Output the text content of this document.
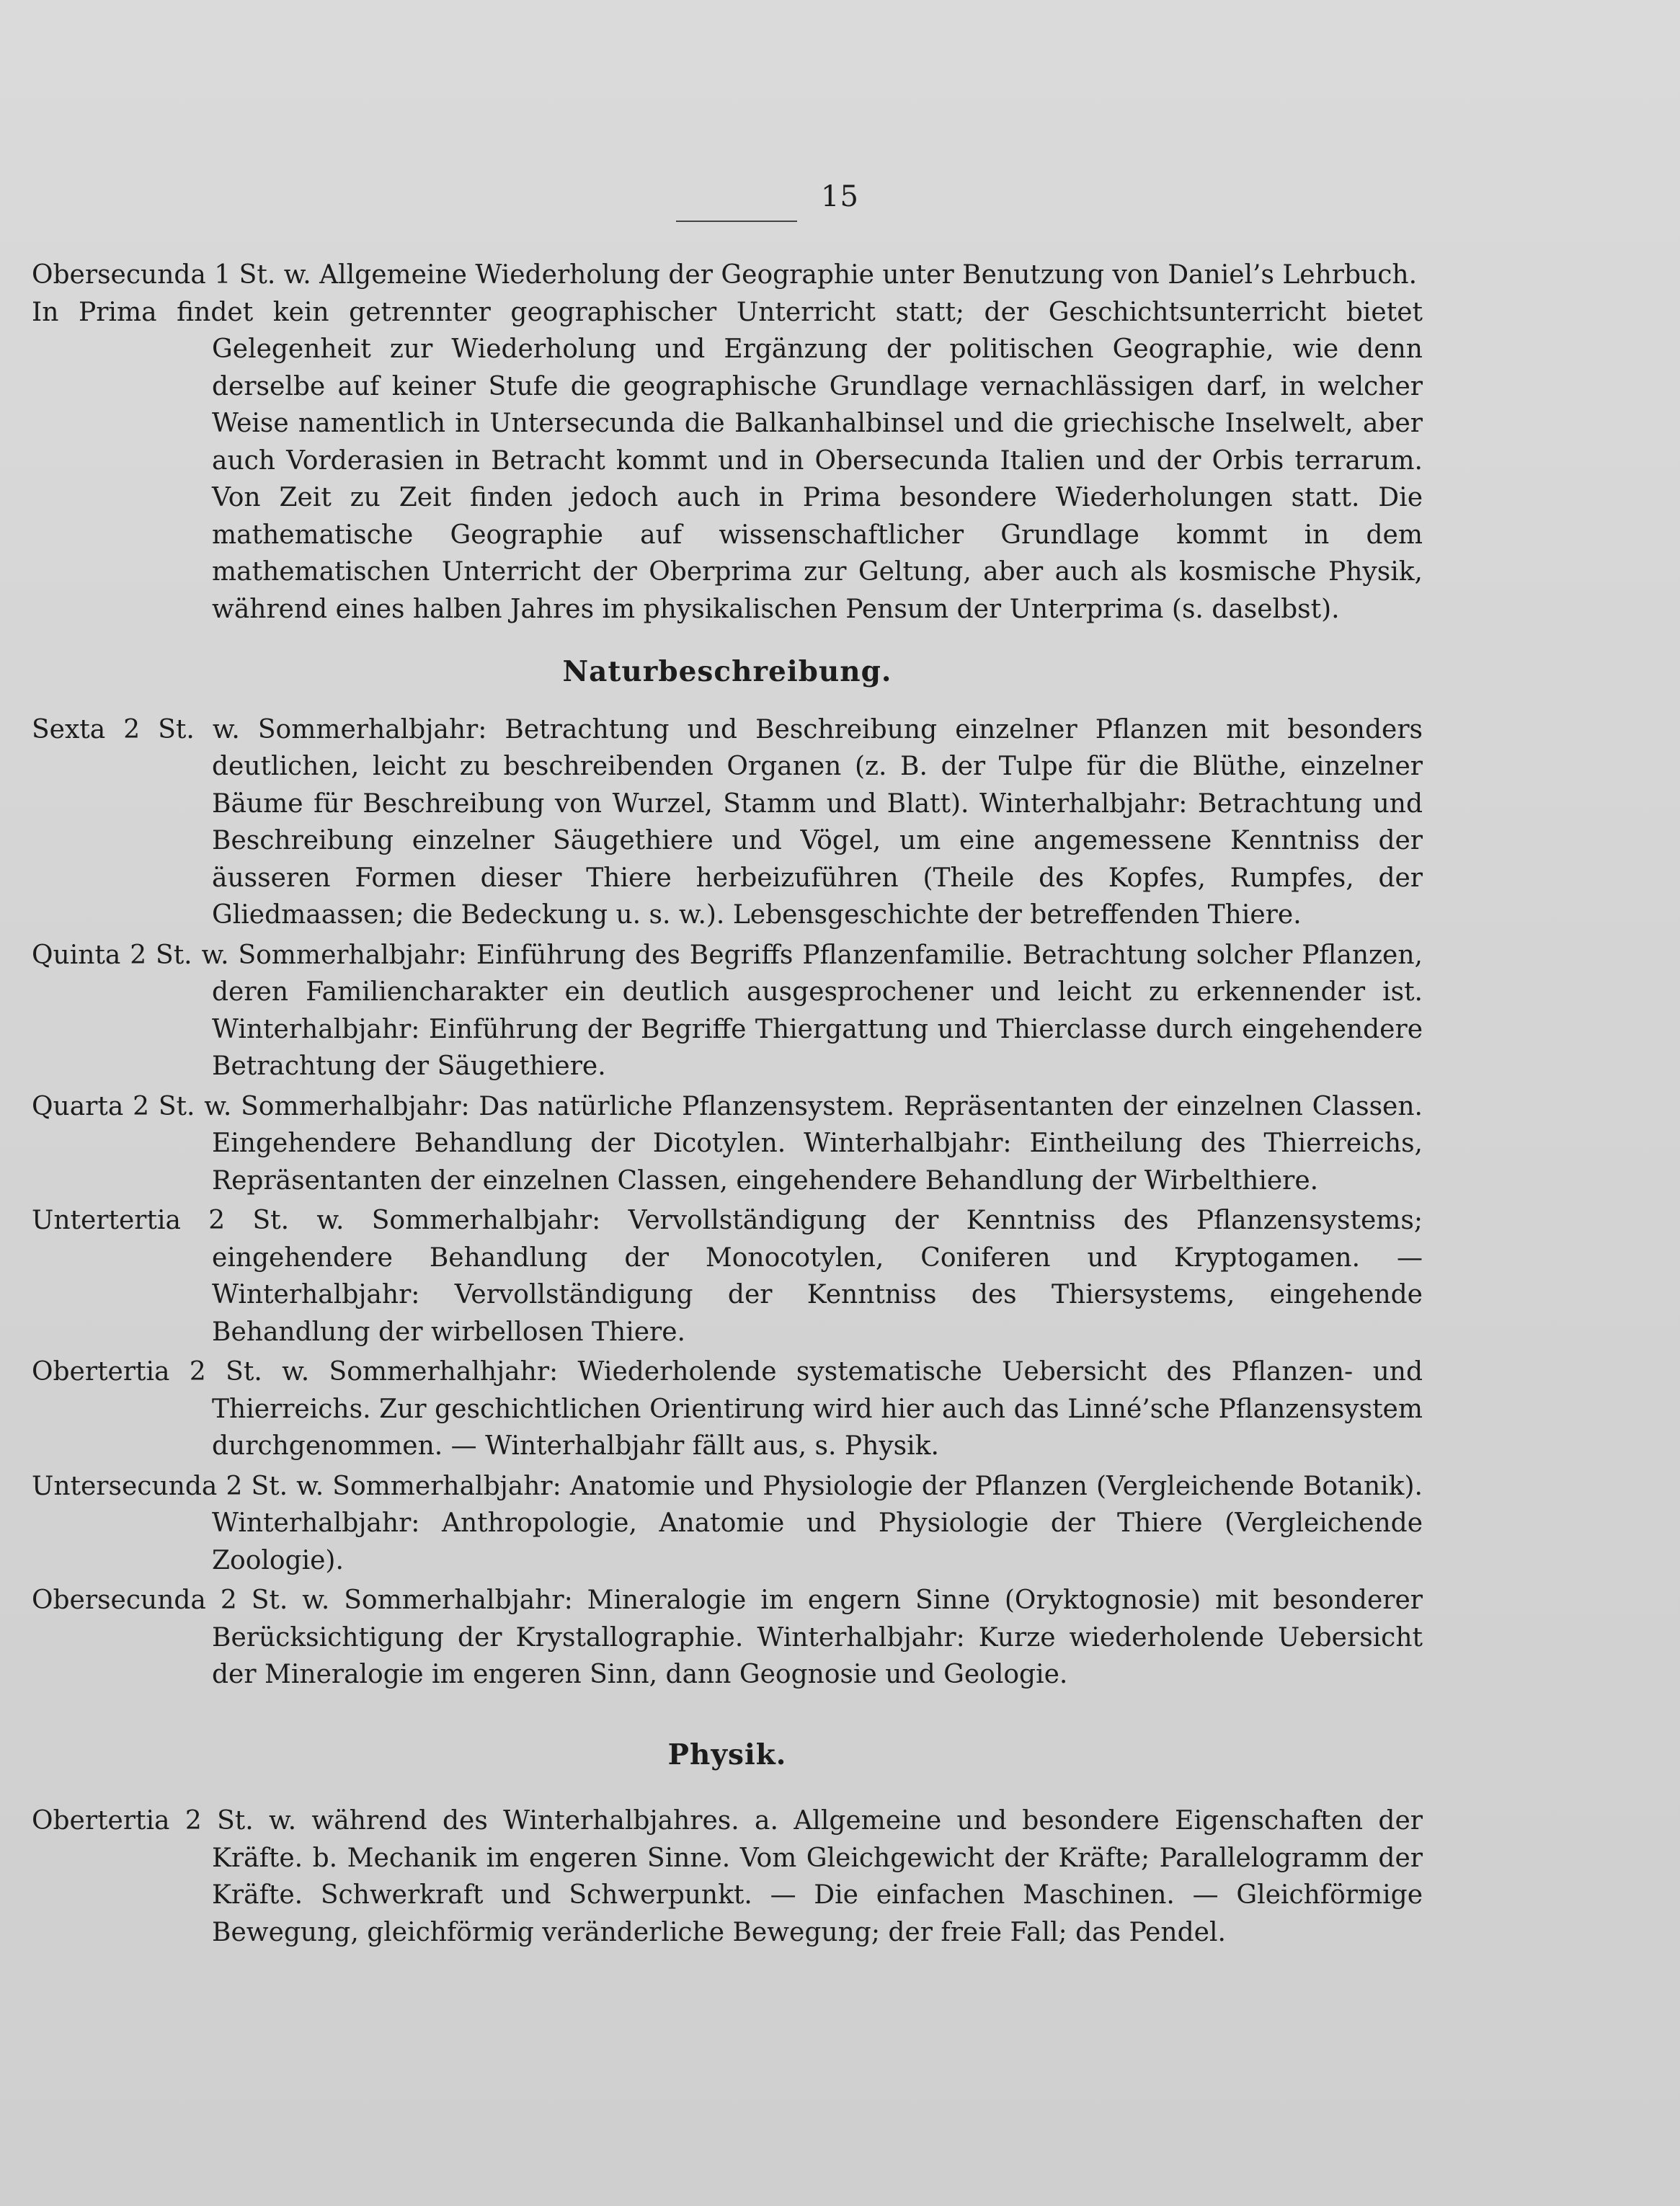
15

Obersecunda 1 St. w. Allgemeine Wiederholung der Geographie unter Benutzung von Daniel’s Lehrbuch.

In Prima findet kein getrennter geographischer Unterricht statt; der Geschichtsunterricht bietet Gelegenheit zur Wiederholung und Ergänzung der politischen Geographie, wie denn derselbe auf keiner Stufe die geographische Grundlage vernachlässigen darf, in welcher Weise namentlich in Untersecunda die Balkanhalbinsel und die griechische Inselwelt, aber auch Vorderasien in Betracht kommt und in Obersecunda Italien und der Orbis terrarum. Von Zeit zu Zeit finden jedoch auch in Prima besondere Wiederholungen statt. Die mathematische Geographie auf wissenschaftlicher Grundlage kommt in dem mathematischen Unterricht der Oberprima zur Geltung, aber auch als kosmische Physik, während eines halben Jahres im physikalischen Pensum der Unterprima (s. daselbst).

Naturbeschreibung.

Sexta 2 St. w. Sommerhalbjahr: Betrachtung und Beschreibung einzelner Pflanzen mit besonders deutlichen, leicht zu beschreibenden Organen (z. B. der Tulpe für die Blüthe, einzelner Bäume für Beschreibung von Wurzel, Stamm und Blatt). Winterhalbjahr: Betrachtung und Beschreibung einzelner Säugethiere und Vögel, um eine angemessene Kenntniss der äusseren Formen dieser Thiere herbeizuführen (Theile des Kopfes, Rumpfes, der Gliedmaassen; die Bedeckung u. s. w.). Lebensgeschichte der betreffenden Thiere.

Quinta 2 St. w. Sommerhalbjahr: Einführung des Begriffs Pflanzenfamilie. Betrachtung solcher Pflanzen, deren Familiencharakter ein deutlich ausgesprochener und leicht zu erkennender ist. Winterhalbjahr: Einführung der Begriffe Thiergattung und Thierclasse durch eingehendere Betrachtung der Säugethiere.

Quarta 2 St. w. Sommerhalbjahr: Das natürliche Pflanzensystem. Repräsentanten der einzelnen Classen. Eingehendere Behandlung der Dicotylen. Winterhalbjahr: Eintheilung des Thierreichs, Repräsentanten der einzelnen Classen, eingehendere Behandlung der Wirbelthiere.

Untertertia 2 St. w. Sommerhalbjahr: Vervollständigung der Kenntniss des Pflanzensystems; eingehendere Behandlung der Monocotylen, Coniferen und Kryptogamen. — Winterhalbjahr: Vervollständigung der Kenntniss des Thiersystems, eingehende Behandlung der wirbellosen Thiere.

Obertertia 2 St. w. Sommerhalhjahr: Wiederholende systematische Uebersicht des Pflanzen- und Thierreichs. Zur geschichtlichen Orientirung wird hier auch das Linné’sche Pflanzensystem durchgenommen. — Winterhalbjahr fällt aus, s. Physik.

Untersecunda 2 St. w. Sommerhalbjahr: Anatomie und Physiologie der Pflanzen (Vergleichende Botanik). Winterhalbjahr: Anthropologie, Anatomie und Physiologie der Thiere (Vergleichende Zoologie).

Obersecunda 2 St. w. Sommerhalbjahr: Mineralogie im engern Sinne (Oryktognosie) mit besonderer Berücksichtigung der Krystallographie. Winterhalbjahr: Kurze wiederholende Uebersicht der Mineralogie im engeren Sinn, dann Geognosie und Geologie.

Physik.

Obertertia 2 St. w. während des Winterhalbjahres. a. Allgemeine und besondere Eigenschaften der Kräfte. b. Mechanik im engeren Sinne. Vom Gleichgewicht der Kräfte; Parallelogramm der Kräfte. Schwerkraft und Schwerpunkt. — Die einfachen Maschinen. — Gleichförmige Bewegung, gleichförmig veränderliche Bewegung; der freie Fall; das Pendel.
